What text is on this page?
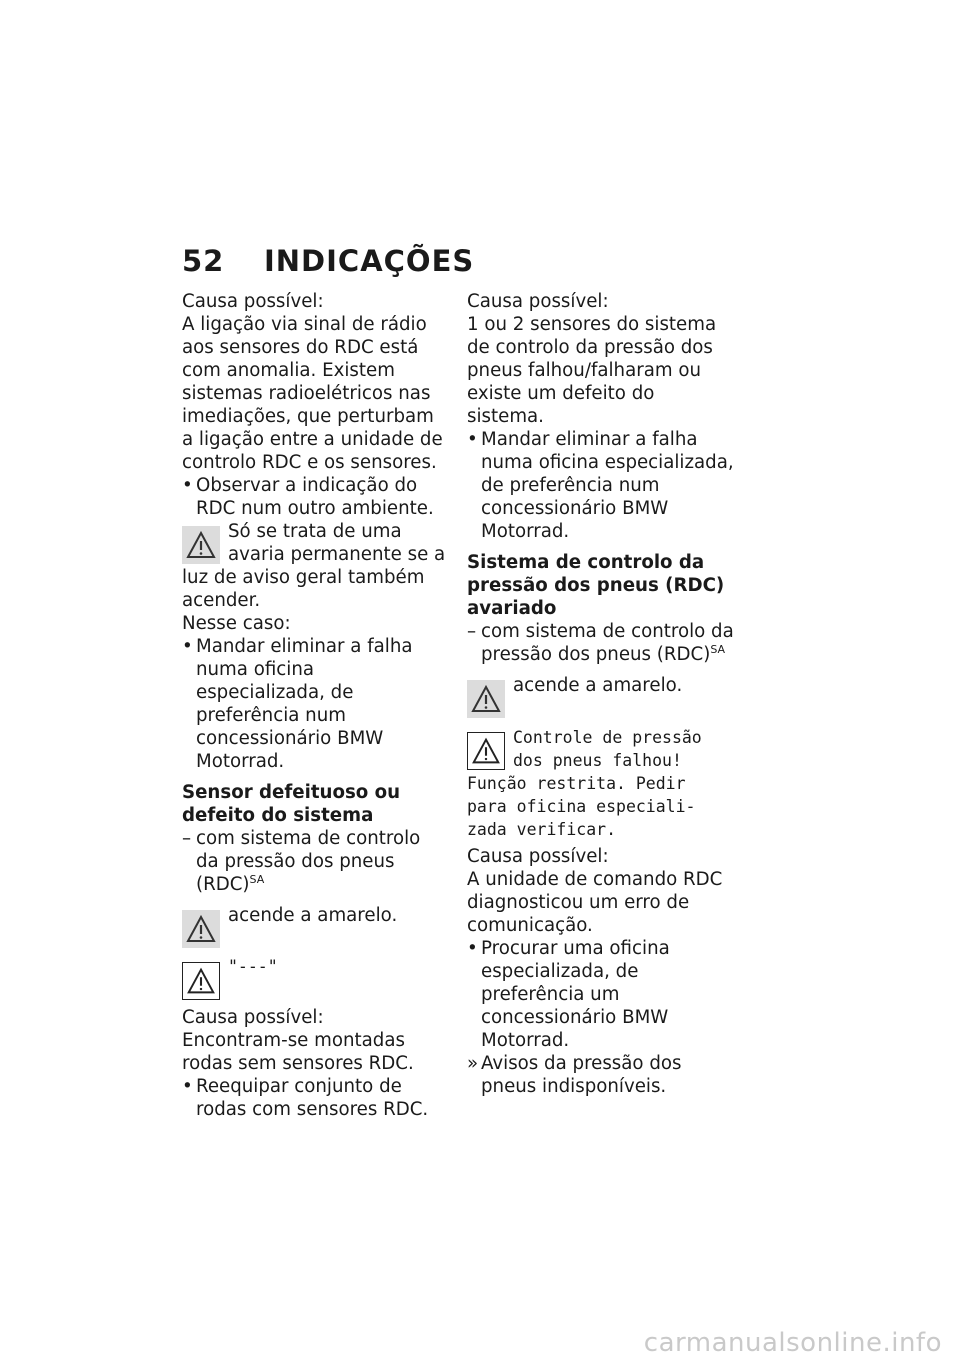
52 INDICAÇÕES

Causa possível:

A ligação via sinal de rádio aos sensores do RDC está com anomalia. Existem sistemas radioelétricos nas imediações, que perturbam a ligação entre a unidade de controlo RDC e os sensores.

• Observar a indicação do RDC num outro ambiente.

Só se trata de uma avaria permanente se a luz de aviso geral também acender.

Nesse caso:

• Mandar eliminar a falha numa oficina especializada, de preferência num concessionário BMW Motorrad.

Sensor defeituoso ou defeito do sistema

– com sistema de controlo da pressão dos pneus (RDC)$^{SA}$

acende a amarelo.
"---"

Causa possível:

Encontram-se montadas rodas sem sensores RDC.

• Reequipar conjunto de rodas com sensores RDC.

Causa possível:

1 ou 2 sensores do sistema de controlo da pressão dos pneus falhou/falharam ou existe um defeito do sistema.

• Mandar eliminar a falha numa oficina especializada, de preferência num concessionário BMW Motorrad.

Sistema de controlo da pressão dos pneus (RDC) avariado

– com sistema de controlo da pressão dos pneus (RDC)$^{SA}$

acende a amarelo.
Controle de pressão dos pneus falhou! Função restrita. Pedir para oficina especiali-zada verificar.

Causa possível:

A unidade de comando RDC diagnosticou um erro de comunicação.

• Procurar uma oficina especializada, de preferência um concessionário BMW Motorrad.

» Avisos da pressão dos pneus indisponíveis.

carmanualsonline.info
